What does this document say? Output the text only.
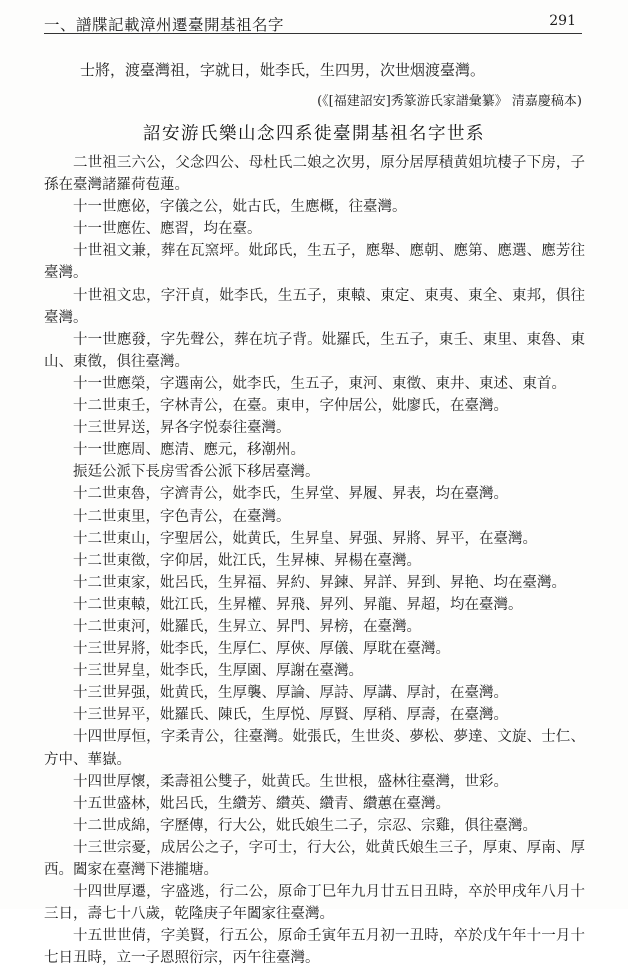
一、譜牒記載漳州遷臺開基祖名字	291

士將，渡臺灣祖，字就日，妣李氏，生四男，次世烟渡臺灣。

(《[福建詔安]秀篆游氏家譜彙纂》 清嘉慶稿本)
詔安游氏樂山念四系徙臺開基祖名字世系

二世祖三六公，父念四公、母杜氏二娘之次男，原分居厚積黄姐坑棲子下房，子孫在臺灣諸羅荷苞蓮。

十一世應佖，字儀之公，妣古氏，生應概，往臺灣。

十一世應佐、應習，均在臺。

十世祖文兼，葬在瓦窯坪。妣邱氏，生五子，應舉、應朝、應第、應選、應芳往臺灣。

十世祖文忠，字汗貞，妣李氏，生五子，東轅、東定、東夷、東全、東邦，俱往臺灣。

十一世應發，字先聲公，葬在坑子背。妣羅氏，生五子，東壬、東里、東魯、東山、東徵，俱往臺灣。

十一世應榮，字選南公，妣李氏，生五子，東河、東徵、東井、東述、東首。

十二世東壬，字林青公，在臺。東申，字仲居公，妣廖氏，在臺灣。

十三世昇送，昇各字悦泰往臺灣。

十一世應周、應清、應元，移潮州。

振廷公派下長房雪香公派下移居臺灣。

十二世東魯，字濟青公，妣李氏，生昇堂、昇履、昇表，均在臺灣。

十二世東里，字色青公，在臺灣。

十二世東山，字聖居公，妣黄氏，生昇皇、昇强、昇將、昇平，在臺灣。

十二世東徵，字仰居，妣江氏，生昇棟、昇楊在臺灣。

十二世東家，妣呂氏，生昇福、昇約、昇鍊、昇詳、昇到、昇艳、均在臺灣。

十二世東轅，妣江氏，生昇權、昇飛、昇列、昇龍、昇超，均在臺灣。

十二世東河，妣羅氏，生昇立、昇門、昇榜，在臺灣。

十三世昇將，妣李氏，生厚仁、厚俠、厚儀、厚耽在臺灣。

十三世昇皇，妣李氏，生厚園、厚謝在臺灣。

十三世昇强，妣黄氏，生厚襲、厚論、厚詩、厚講、厚討，在臺灣。

十三世昇平，妣羅氏、陳氏，生厚悦、厚賢、厚稍、厚壽，在臺灣。

十四世厚恒，字柔青公，往臺灣。妣張氏，生世炎、夢松、夢達、文旋、士仁、方中、華嶽。

十四世厚懷，柔壽祖公雙子，妣黄氏。生世根，盛林往臺灣，世彩。

十五世盛林，妣呂氏，生纘芳、纘英、纘青、纘蕙在臺灣。

十二世成綿，字歷傳，行大公，妣氏娘生二子，宗忍、宗雞，俱往臺灣。

十三世宗憂，成居公之子，字可士，行大公，妣黄氏娘生三子，厚東、厚南、厚西。闔家在臺灣下港攏塘。

十四世厚遷，字盛逃，行二公，原命丁巳年九月廿五日丑時，卒於甲戌年八月十三日，壽七十八歲，乾隆庚子年闔家往臺灣。

十五世世倩，字美賢，行五公，原命壬寅年五月初一丑時，卒於戊午年十一月十七日丑時，立一子恩照衍宗，丙午往臺灣。
